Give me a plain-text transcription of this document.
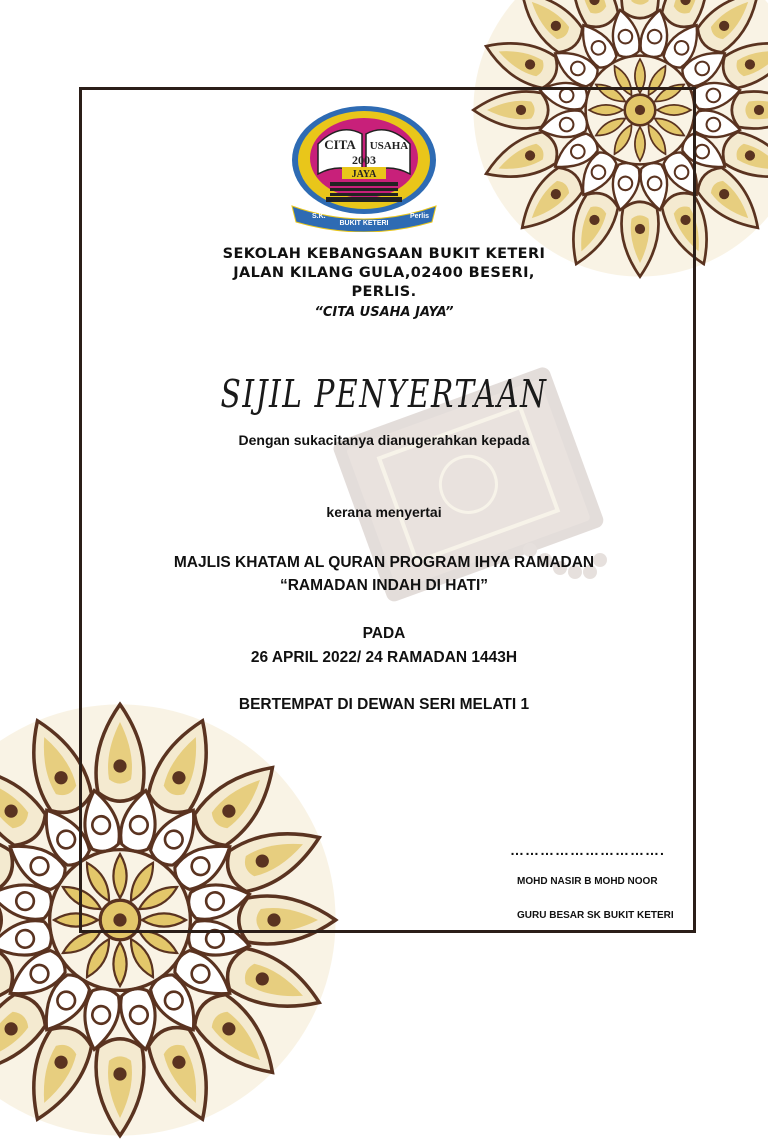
CITA USAHA
2003
JAYA
S.K.
BUKIT KETERI
Perlis
SEKOLAH KEBANGSAAN BUKIT KETERI
JALAN KILANG GULA,02400 BESERI,
PERLIS.
“CITA USAHA JAYA”
SIJIL PENYERTAAN
Dengan sukacitanya dianugerahkan kepada
kerana menyertai
MAJLIS KHATAM AL QURAN PROGRAM IHYA RAMADAN
“RAMADAN INDAH DI HATI”
PADA
26 APRIL 2022/ 24 RAMADAN 1443H
BERTEMPAT DI DEWAN SERI MELATI 1
………………………….
MOHD NASIR B MOHD NOOR
GURU BESAR SK BUKIT KETERI
